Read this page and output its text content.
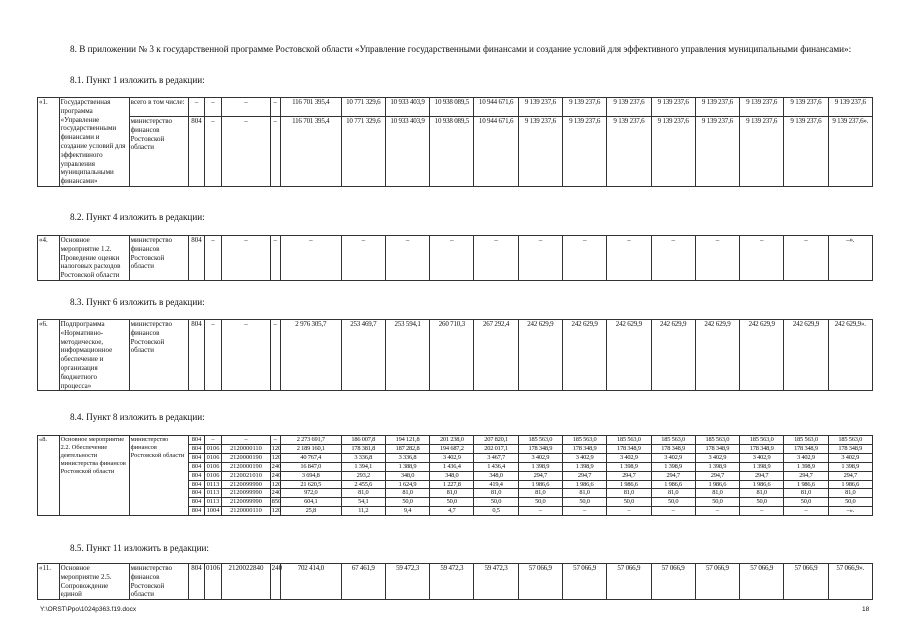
8. В приложении № 3 к государственной программе Ростовской области «Управление государственными финансами и создание условий для эффективного управления муниципальными финансами»:

8.1. Пункт 1 изложить в редакции:

«1.	Государственная программа «Управление государственными финансами и создание условий для эффективного управления муниципальными финансами»	всего в том числе:	–	–	–	–	116 701 395,4	10 771 329,6	10 933 403,9	10 938 089,5	10 944 671,6	9 139 237,6	9 139 237,6	9 139 237,6	9 139 237,6	9 139 237,6	9 139 237,6	9 139 237,6	9 139 237,6
		министерство финансов Ростовской области	804	–	–	–	116 701 395,4	10 771 329,6	10 933 403,9	10 938 089,5	10 944 671,6	9 139 237,6	9 139 237,6	9 139 237,6	9 139 237,6	9 139 237,6	9 139 237,6	9 139 237,6	9 139 237,6».

8.2. Пункт 4 изложить в редакции:

«4.	Основное мероприятие 1.2. Проведение оценки налоговых расходов Ростовской области	министерство финансов Ростовской области	804	–	–	–	–	–	–	–	–	–	–	–	–	–	–	–	–».

8.3. Пункт 6 изложить в редакции:

«6.	Подпрограмма «Нормативно-методическое, информационное обеспечение и организация бюджетного процесса»	министерство финансов Ростовской области	804	–	–	–	2 976 305,7	253 469,7	253 594,1	260 710,3	267 292,4	242 629,9	242 629,9	242 629,9	242 629,9	242 629,9	242 629,9	242 629,9	242 629,9».

8.4. Пункт 8 изложить в редакции:

«8.	Основное мероприятие 2.2. Обеспечение деятельности министерства финансов Ростовской области	министерство финансов Ростовской области	804	–	–	–	2 273 691,7	186 007,8	194 121,8	201 238,0	207 820,1	185 563,0	185 563,0	185 563,0	185 563,0	185 563,0	185 563,0	185 563,0	185 563,0
			804	0106	2120000110	120	2 189 160,1	178 381,8	187 282,8	194 687,2	202 017,1	178 348,9	178 348,9	178 348,9	178 348,9	178 348,9	178 348,9	178 348,9	178 348,9
			804	0106	2120000190	120	40 767,4	3 336,8	3 336,8	3 402,9	3 467,7	3 402,9	3 402,9	3 402,9	3 402,9	3 402,9	3 402,9	3 402,9	3 402,9
			804	0106	2120000190	240	16 847,0	1 394,1	1 388,9	1 436,4	1 436,4	1 398,9	1 398,9	1 398,9	1 398,9	1 398,9	1 398,9	1 398,9	1 398,9
			804	0106	2120021010	240	3 694,8	293,2	348,0	348,0	348,0	294,7	294,7	294,7	294,7	294,7	294,7	294,7	294,7
			804	0113	2120099990	120	21 620,5	2 455,6	1 624,9	1 227,8	419,4	1 986,6	1 986,6	1 986,6	1 986,6	1 986,6	1 986,6	1 986,6	1 986,6
			804	0113	2120099990	240	972,0	81,0	81,0	81,0	81,0	81,0	81,0	81,0	81,0	81,0	81,0	81,0	81,0
			804	0113	2120099990	850	604,1	54,1	50,0	50,0	50,0	50,0	50,0	50,0	50,0	50,0	50,0	50,0	50,0
			804	1004	2120000110	120	25,8	11,2	9,4	4,7	0,5	–	–	–	–	–	–	–	–».

8.5. Пункт 11 изложить в редакции:

«11.	Основное мероприятие 2.5. Сопровождение единой	министерство финансов Ростовской области	804	0106	2120022840	240	702 414,0	67 461,9	59 472,3	59 472,3	59 472,3	57 066,9	57 066,9	57 066,9	57 066,9	57 066,9	57 066,9	57 066,9	57 066,9».

Y:\ORST\Ppo\1024p363.f19.docx	18
